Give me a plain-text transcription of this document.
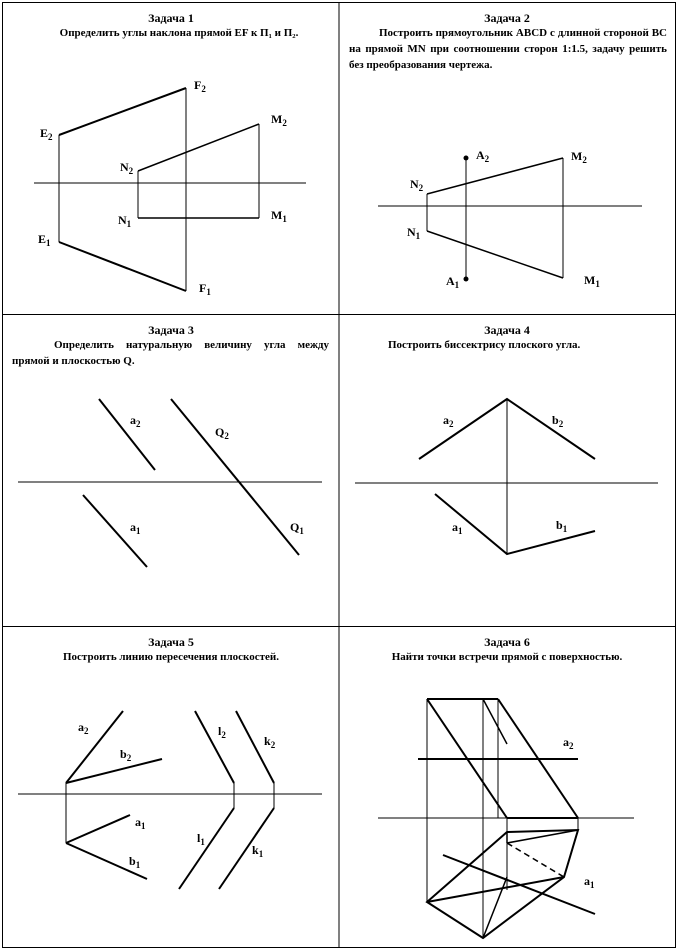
Задача 1
Определить углы наклона прямой EF к П₁ и П₂.
Задача 2
Построить прямоугольник ABCD с длинной стороной BC на прямой MN при соотношении сторон 1:1.5, задачу решить без преобразования чертежа.
Задача 3
Определить натуральную величину угла между прямой и плоскостью Q.
Задача 4
Построить биссектрису плоского угла.
Задача 5
Построить линию пересечения плоскостей.
Задача 6
Найти точки встречи прямой с поверхностью.
F2
E2
M2
N2
N1
M1
E1
F1
A2	M2
N2
N1
A1	M1
a2
Q2
a1	Q1
a2	b2
a1	b1
a2
b2
l2	k2
a1
l1
k1
b1
a2
a1
